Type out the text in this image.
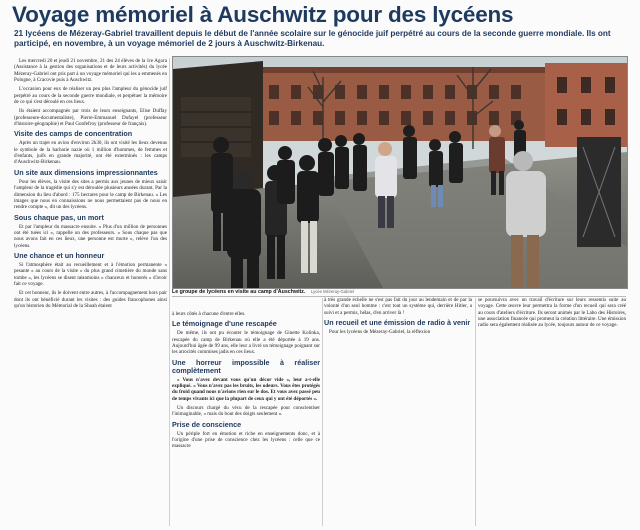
Voyage mémoriel à Auschwitz pour des lycéens
21 lycéens de Mézeray-Gabriel travaillent depuis le début de l'année scolaire sur le génocide juif perpétré au cours de la seconde guerre mondiale. Ils ont participé, en novembre, à un voyage mémoriel de 2 jours à Auschwitz-Birkenau.

Les mercredi 20 et jeudi 21 novembre, 21 des 24 élèves de la 1re Agora (Assistance à la gestion des organisations et de leurs activités) du lycée Mézeray-Gabriel ont pris part à un voyage mémoriel qui les a emmenés en Pologne, à Cracovie puis à Auschwitz.

L'occasion pour eux de réaliser un peu plus l'ampleur du génocide juif perpétré au cours de la seconde guerre mondiale, et perpétuer la mémoire de ce qui s'est déroulé en ces lieux.

Ils étaient accompagnés par trois de leurs enseignants, Elise Duffay (professeure-documentaliste), Pierre-Emmanuel Dufayel (professeur d'histoire-géographie) et Paul Gonfefroy (professeur de français).

Visite des camps de concentration

Après un trajet en avion d'environ 2h30, ils ont visité les lieux devenus le symbole de la barbarie nazie où 1 million d'hommes, de femmes et d'enfants, juifs en grande majorité, ont été exterminés : les camps d'Auschwitz-Birkenau.

Un site aux dimensions impressionnantes

Pour les élèves, la visite des sites a permis aux jeunes de mieux saisir l'ampleur de la tragédie qui s'y est déroulée plusieurs années durant. Par la dimension du lieu d'abord : 175 hectares pour le camp de Birkenau. « Les images que nous en connaissions ne nous permettaient pas de nous en rendre compte », dit un des lycéens.

Sous chaque pas, un mort

Et par l'ampleur du massacre ensuite. « Plus d'un million de personnes ont été tuées ici », rappelle un des professeurs. « Sous chaque pas que nous avons fait en ces lieux, une personne est morte », relève l'un des lycéens.

Une chance et un honneur

Si l'atmosphère était au recueillement et à l'émotion permanente « pesante » au cours de la visite « du plus grand cimetière du monde sans tombe », les lycéens se disent néanmoins « chanceux et honorés » d'avoir fait ce voyage.

Et cet honneur, ils le doivent entre autres, à l'accompagnement hors pair dont ils ont bénéficié durant les visites : des guides francophones ainsi qu'un historien du Mémorial de la Shoah étaient

Le groupe de lycéens en visite au camp d'Auschwitz. Lycée Mézeray-Gabriel

à leurs côtés à chacune d'entre elles.

Le témoignage d'une rescapée

De même, ils ont pu écouter le témoignage de Ginette Kolinka, rescapée du camp de Birkenau où elle a été déportée à 19 ans. Aujourd'hui âgée de 99 ans, elle leur a livré un témoignage poignant sur les atrocités commises jadis en ces lieux.

Une horreur impossible à réaliser complètement

« Vous n'avez devant vous qu'un décor vide », leur a-t-elle expliqué. « Vous n'avez pas les bruits, les odeurs. Vous êtes protégés du froid quand nous n'avions rien sur le dos. Et vous avez passé peu de temps vivants ici que la plupart de ceux qui y ont été déportés ».

Un discours chargé du vécu de la rescapée pour conscientiser l'inimaginable, « mais du bout des doigts seulement ».

Prise de conscience

Un périple fort en émotion et riche en enseignements donc, et à l'origine d'une prise de conscience chez les lycéens : celle que ce massacre

à très grande échelle ne s'est pas fait du jour au lendemain et de par la volonté d'un seul homme : c'est tout un système qui, derrière Hitler, a suivi et a permis, hélas, d'en arriver là !

Un recueil et une émission de radio à venir

Pour les lycéens de Mézeray-Gabriel, la réflexion

se poursuivra avec un travail d'écriture sur leurs ressentis suite au voyage. Cette œuvre leur permettra la forme d'un recueil qui sera créé au cours d'ateliers d'écriture. Ils seront animés par le Labo des Histoires, une association financée qui promeut la création littéraire. Une émission radio sera également réalisée au lycée, toujours autour de ce voyage.
